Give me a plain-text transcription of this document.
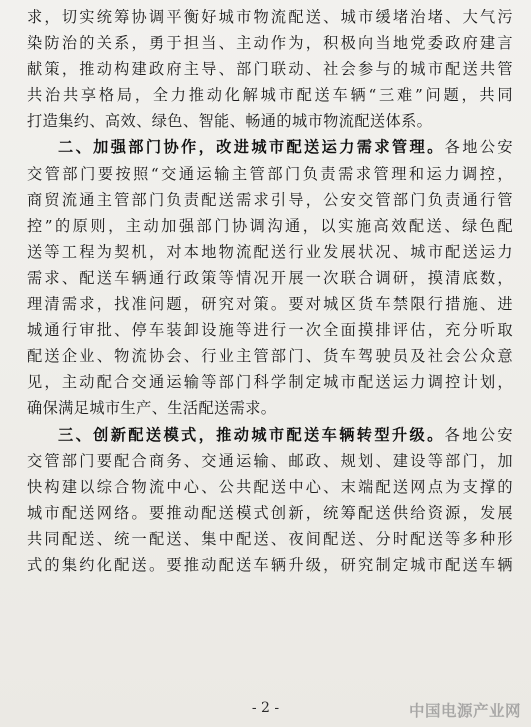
求，切实统筹协调平衡好城市物流配送、城市缓堵治堵、大气污

染防治的关系，勇于担当、主动作为，积极向当地党委政府建言

献策，推动构建政府主导、部门联动、社会参与的城市配送共管

共治共享格局，全力推动化解城市配送车辆“三难”问题，共同

打造集约、高效、绿色、智能、畅通的城市物流配送体系。

二、加强部门协作，改进城市配送运力需求管理。各地公安

交管部门要按照“交通运输主管部门负责需求管理和运力调控，

商贸流通主管部门负责配送需求引导，公安交管部门负责通行管

控”的原则，主动加强部门协调沟通，以实施高效配送、绿色配

送等工程为契机，对本地物流配送行业发展状况、城市配送运力

需求、配送车辆通行政策等情况开展一次联合调研，摸清底数，

理清需求，找准问题，研究对策。要对城区货车禁限行措施、进

城通行审批、停车装卸设施等进行一次全面摸排评估，充分听取

配送企业、物流协会、行业主管部门、货车驾驶员及社会公众意

见，主动配合交通运输等部门科学制定城市配送运力调控计划，

确保满足城市生产、生活配送需求。

三、创新配送模式，推动城市配送车辆转型升级。各地公安

交管部门要配合商务、交通运输、邮政、规划、建设等部门，加

快构建以综合物流中心、公共配送中心、末端配送网点为支撑的

城市配送网络。要推动配送模式创新，统筹配送供给资源，发展

共同配送、统一配送、集中配送、夜间配送、分时配送等多种形

式的集约化配送。要推动配送车辆升级，研究制定城市配送车辆

- 2 -	中国电源产业网
